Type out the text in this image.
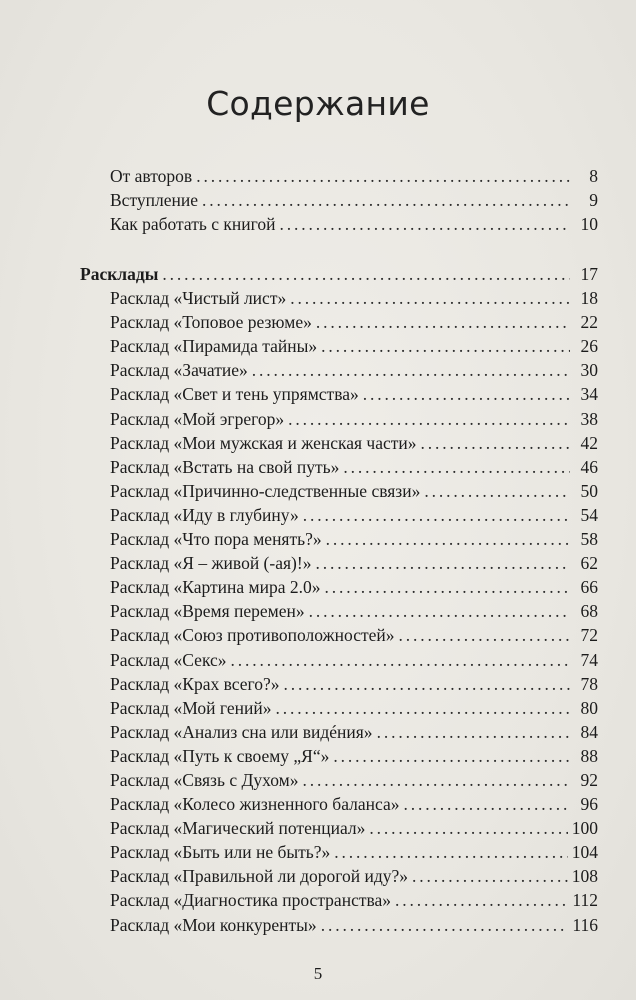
Содержание
От авторов . . .	8
Вступление . . .	9
Как работать с книгой . . .	10
Расклады . . .	17
Расклад «Чистый лист» . . .	18
Расклад «Топовое резюме» . . .	22
Расклад «Пирамида тайны» . . .	26
Расклад «Зачатие» . . .	30
Расклад «Свет и тень упрямства» . . .	34
Расклад «Мой эгрегор» . . .	38
Расклад «Мои мужская и женская части» . . .	42
Расклад «Встать на свой путь» . . .	46
Расклад «Причинно-следственные связи» . . .	50
Расклад «Иду в глубину» . . .	54
Расклад «Что пора менять?» . . .	58
Расклад «Я – живой (-ая)!» . . .	62
Расклад «Картина мира 2.0» . . .	66
Расклад «Время перемен» . . .	68
Расклад «Союз противоположностей» . . .	72
Расклад «Секс» . . .	74
Расклад «Крах всего?» . . .	78
Расклад «Мой гений» . . .	80
Расклад «Анализ сна или видéния» . . .	84
Расклад «Путь к своему „Я“» . . .	88
Расклад «Связь с Духом» . . .	92
Расклад «Колесо жизненного баланса» . . .	96
Расклад «Магический потенциал» . . .	100
Расклад «Быть или не быть?» . . .	104
Расклад «Правильной ли дорогой иду?» . . .	108
Расклад «Диагностика пространства» . . .	112
Расклад «Мои конкуренты» . . .	116
5
